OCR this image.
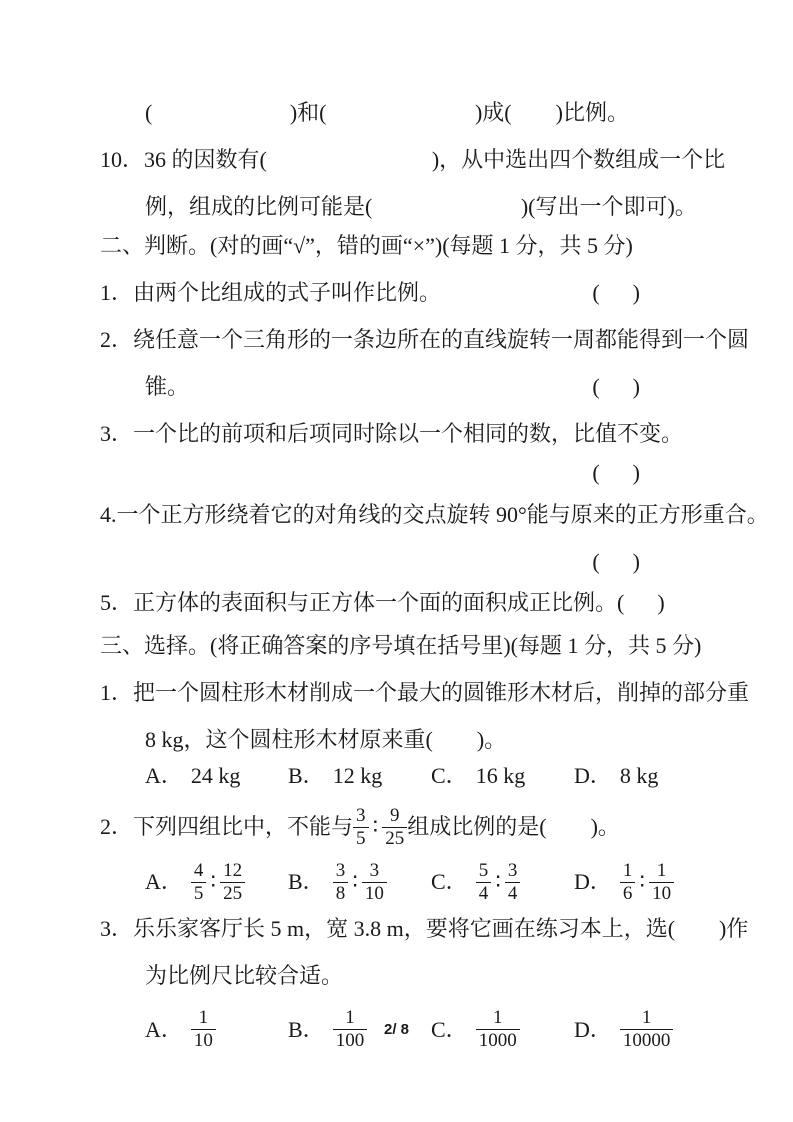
(                         )和(                           )成(        )比例。
10．36 的因数有(                              )，从中选出四个数组成一个比
例，组成的比例可能是(                           )(写出一个即可)。
二、判断。(对的画“√”，错的画“×”)(每题 1 分，共 5 分)
1．由两个比组成的式子叫作比例。	(      )
2．绕任意一个三角形的一条边所在的直线旋转一周都能得到一个圆
锥。	(      )
3．一个比的前项和后项同时除以一个相同的数，比值不变。
(      )
4.一个正方形绕着它的对角线的交点旋转 90°能与原来的正方形重合。
(      )
5．正方体的表面积与正方体一个面的面积成正比例。 (      )
三、选择。(将正确答案的序号填在括号里)(每题 1 分，共 5 分)
1．把一个圆柱形木材削成一个最大的圆锥形木材后，削掉的部分重
8 kg，这个圆柱形木材原来重(        )。
A． 24 kg B． 12 kg C． 16 kg D． 8 kg
2．下列四组比中，不能与 $\frac{3}{5}$ ∶ $\frac{9}{25}$ 组成比例的是(        )。
A． $\frac{4}{5}$ ∶ $\frac{12}{25}$ B． $\frac{3}{8}$ ∶ $\frac{3}{10}$ C． $\frac{5}{4}$ ∶ $\frac{3}{4}$ D． $\frac{1}{6}$ ∶ $\frac{1}{10}$
3．乐乐家客厅长 5 m，宽 3.8 m，要将它画在练习本上，选(        )作
为比例尺比较合适。
A． $\frac{1}{10}$	B． $\frac{1}{100}$	C． $\frac{1}{1000}$ D． $\frac{1}{10000}$
2/ 8
